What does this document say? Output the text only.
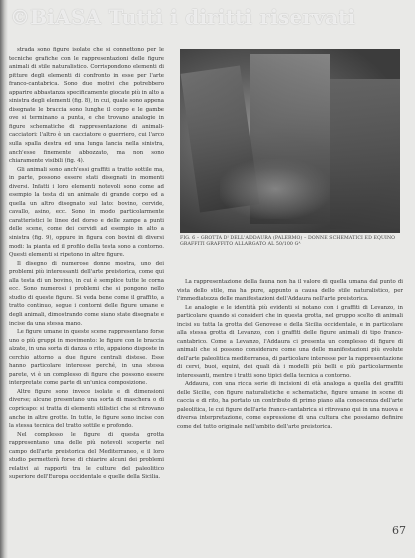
strada sono figure isolate che si connettono per le tecniche grafiche con le rappresentazioni delle figure animali di stile naturalistico. Corrispondono elementi di pitture degli elementi di confronto in esse per l'arte franco-cantabrica. Sono due motivi che potrebbero apparire abbastanza specificamente giocate più in alto a sinistra degli elementi (fig. 8), in cui, quale sono appena disegnate le braccia sono lunghe il corpo e le gambe ove si terminano a punta, e che trovano analogie in figure schematiche di rappresentazione di animali-cacciatori: l'altro è un cacciatore o guerriero, cui l'arco sulla spalla destra ed una lunga lancia nella sinistra, anch'esse finemente abbozzato, ma non sono chiaramente visibili (fig. 4).

Gli animali sono anch'essi graffiti a tratto sottile ma, in parte, possono essere stati disegnati in momenti diversi. Infatti i loro elementi notevoli sono come ad esempio la testa di un animale di grande corpo ed a quella un altro disegnato sul lato: bovino, cervide, cavallo, asino, ecc. Sono in modo particolarmente caratteristici le linee del dorso e delle zampe a punti delle scene, come dei cervidi ad esempio in alto a sinistra (fig. 9), oppure in figura con bovini di diversi modi: la pianta ed il profilo della testa sono a contorno. Questi elementi si ripetono in altre figure.

Il disegno di numerose donne mostra, uno dei problemi più interessanti dell'arte preistorica, come qui alla testa di un bovino, in cui è semplice tutte le corna ecc. Sono numerosi i problemi che si pongono nello studio di queste figure. Si veda bene come il graffito, a tratto continuo, segue i contorni delle figure umane e degli animali, dimostrando come siano state disegnate e incise da una stessa mano.

Le figure umane in queste scene rappresentano forse uno o più gruppi in movimento: le figure con le braccia alzate, in una sorta di danza o rito, appaiono disposte in cerchio attorno a due figure centrali distese. Esse hanno particolare interesse perché, in una stessa parete, vi è un complesso di figure che possono essere interpretate come parte di un'unica composizione.

Altre figure sono invece isolate e di dimensioni diverse; alcune presentano una sorta di maschera o di copricapo: si tratta di elementi stilistici che si ritrovano anche in altre grotte. In tutte, le figure sono incise con la stessa tecnica del tratto sottile e profondo.

Nel complesso le figure di questa grotta rappresentano una delle più notevoli scoperte nel campo dell'arte preistorica del Mediterraneo, e il loro studio permetterà forse di chiarire alcuni dei problemi relativi ai rapporti tra le culture del paleolitico superiore dell'Europa occidentale e quelle della Sicilia.

FIG. 6 – GROTTA Dᴵ DELL'ADDAURA (PALERMO) – DONNE SCHEMATICI ED EQUINO GRAFFITI GRAFFITO ALLARGATO AL 50/100 Gᴬ

La rappresentazione della fauna non ha il valore di quella umana dal punto di vista dello stile, ma ha pure, appunto a causa dello stile naturalistico, per l'immediatezza delle manifestazioni dell'Addaura nell'arte preistorica.

Le analogie e le identità più evidenti si notano con i graffiti di Levanzo, in particolare quando si consideri che in questa grotta, nel gruppo scelto di animali incisi su tutta la grotta del Genovese e della Sicilia occidentale, e in particolare alla stessa grotta di Levanzo, con i graffiti delle figure animali di tipo franco-cantabrico. Come a Levanzo, l'Addaura ci presenta un complesso di figure di animali che si possono considerare come una delle manifestazioni più evolute dell'arte paleolitica mediterranea, di particolare interesse per la rappresentazione di cervi, buoi, equini, dei quali dà i modelli più belli e più particolarmente interessanti, mentre i tratti sono tipici della tecnica a contorno.

Addaura, con una ricca serie di incisioni di età analoga a quella dei graffiti delle Sicilie, con figure naturalistiche e schematiche, figure umane in scene di caccia e di rito, ha portato un contributo di primo piano alla conoscenza dell'arte paleolitica, le cui figure dell'arte franco-cantabrica si ritrovano qui in una nuova e diversa interpretazione, come espressione di una cultura che possiamo definire come del tutto originale nell'ambito dell'arte preistorica.

67
©BiASA Tutti i diritti riservati
